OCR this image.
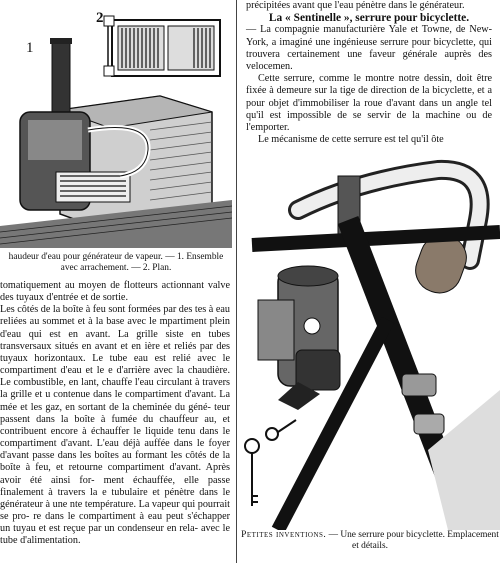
1
2
haudeur d'eau pour générateur de vapeur. — 1. Ensemble avec arrachement. — 2. Plan.

tomatiquement au moyen de flotteurs actionnant valve des tuyaux d'entrée et de sortie.

Les côtés de la boîte à feu sont formées par des tes à eau reliées au sommet et à la base avec le mpartiment plein d'eau qui est en avant. La grille siste en tubes transversaux situés en avant et en ière et reliés par des tuyaux horizontaux. Le tube eau est relié avec le compartiment d'eau et le e d'arrière avec la chaudière. Le combustible, en lant, chauffe l'eau circulant à travers la grille et u contenue dans le compartiment d'avant. La mée et les gaz, en sortant de la cheminée du géné- teur passent dans la boîte à fumée du chauffeur au, et contribuent encore à échauffer le liquide tenu dans le compartiment d'avant. L'eau déjà auffée dans le foyer d'avant passe dans les boîtes au formant les côtés de la boîte à feu, et retourne compartiment d'avant. Après avoir été ainsi for- ment échauffée, elle passe finalement à travers la e tubulaire et pénètre dans le générateur à une nte température. La vapeur qui pourrait se pro- re dans le compartiment à eau peut s'échapper un tuyau et est reçue par un condenseur en rela- avec le tube d'alimentation.

précipitées avant que l'eau pénètre dans le générateur.

La « Sentinelle », serrure pour bicyclette.

— La compagnie manufacturière Yale et Towne, de New-York, a imaginé une ingénieuse serrure pour bicyclette, qui trouvera certainement une faveur générale auprès des velocemen.

Cette serrure, comme le montre notre dessin, doit être fixée à demeure sur la tige de direction de la bicyclette, et a pour objet d'immobiliser la roue d'avant dans un angle tel qu'il est impossible de se servir de la machine ou de l'emporter.

Le mécanisme de cette serrure est tel qu'il ôte

Petites inventions. — Une serrure pour bicyclette. Emplacement et détails.
